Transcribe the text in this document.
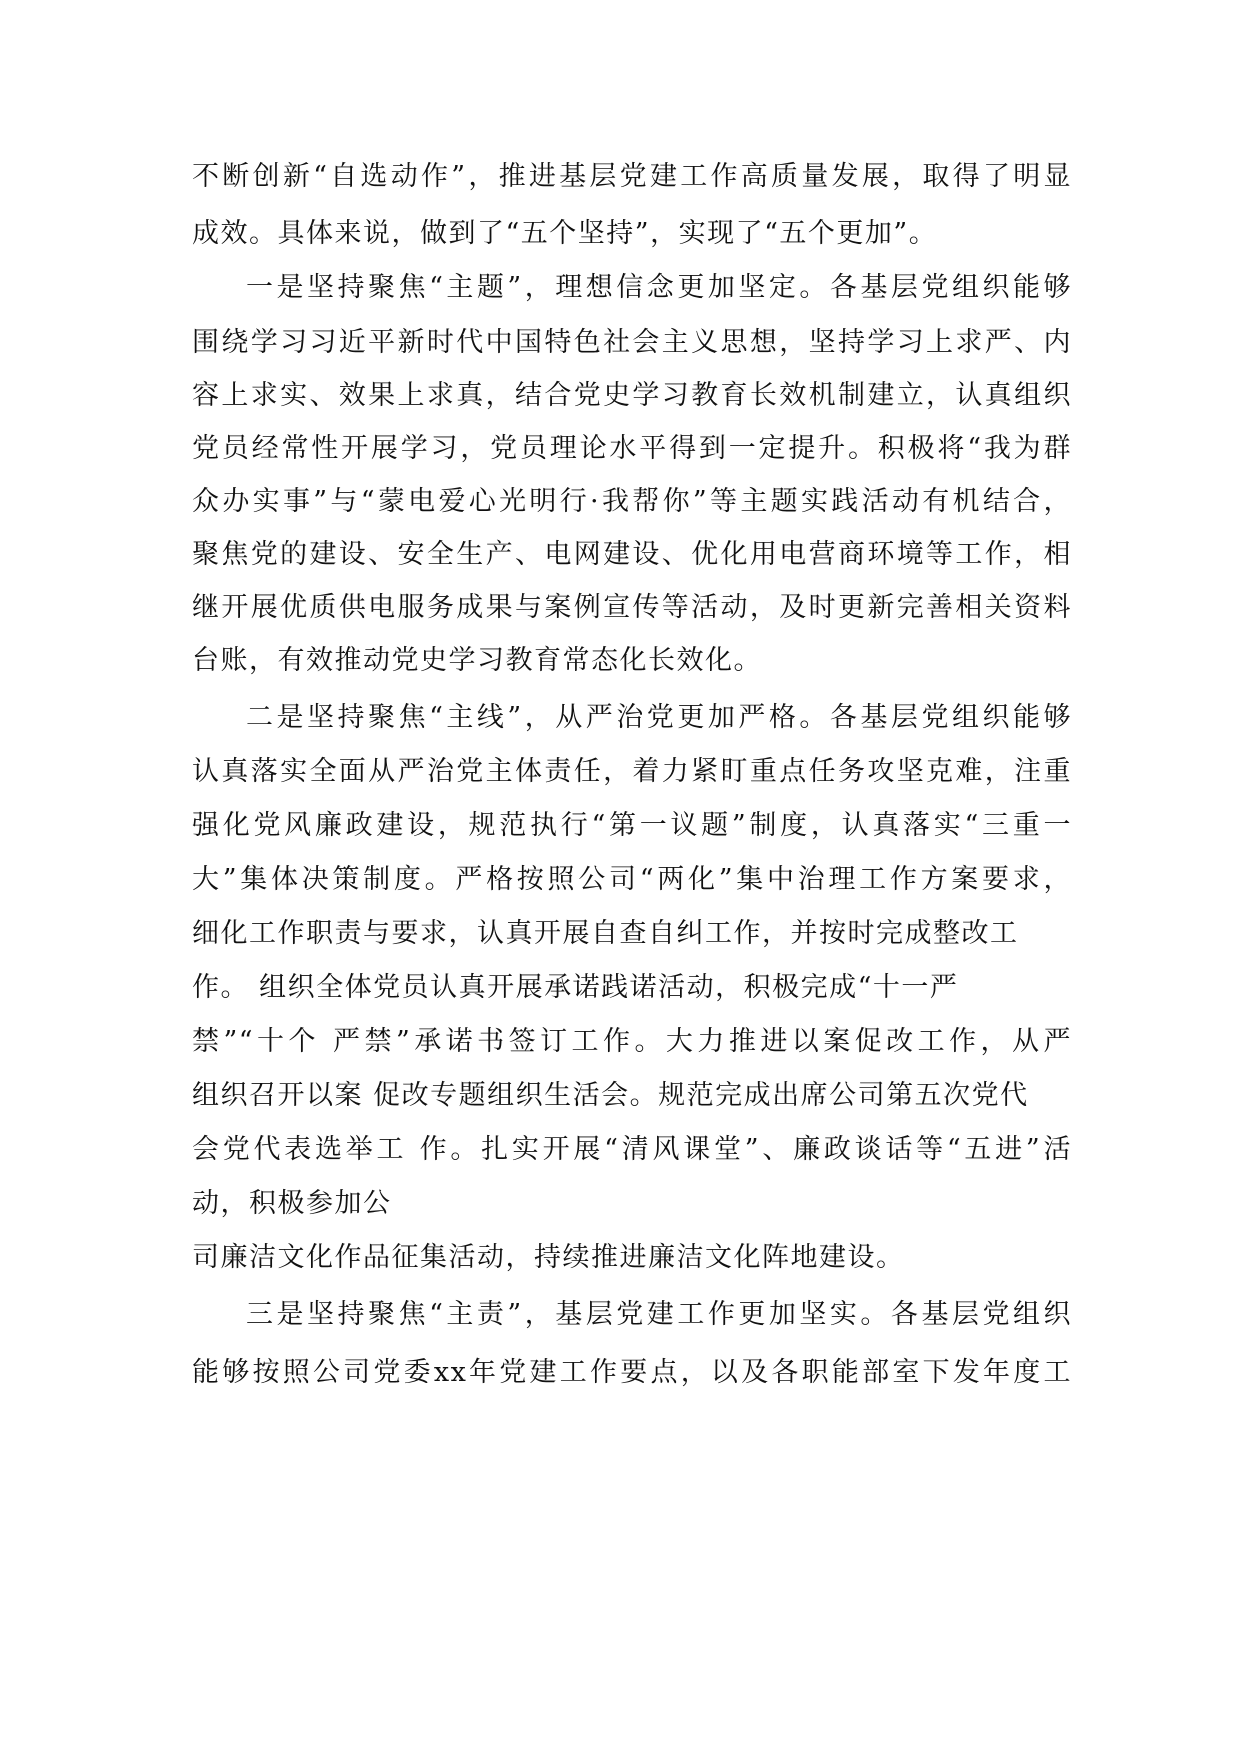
不断创新“自选动作”，推进基层党建工作高质量发展，取得了明显
成效。具体来说，做到了“五个坚持”，实现了“五个更加”。
一是坚持聚焦“主题”，理想信念更加坚定。各基层党组织能够
围绕学习习近平新时代中国特色社会主义思想，坚持学习上求严、内
容上求实、效果上求真，结合党史学习教育长效机制建立，认真组织
党员经常性开展学习，党员理论水平得到一定提升。积极将“我为群
众办实事”与“蒙电爱心光明行·我帮你”等主题实践活动有机结合，
聚焦党的建设、安全生产、电网建设、优化用电营商环境等工作，相
继开展优质供电服务成果与案例宣传等活动，及时更新完善相关资料
台账，有效推动党史学习教育常态化长效化。
二是坚持聚焦“主线”，从严治党更加严格。各基层党组织能够
认真落实全面从严治党主体责任，着力紧盯重点任务攻坚克难，注重
强化党风廉政建设，规范执行“第一议题”制度，认真落实“三重一
大”集体决策制度。严格按照公司“两化”集中治理工作方案要求，
细化工作职责与要求，认真开展自查自纠工作，并按时完成整改工
作。 组织全体党员认真开展承诺践诺活动，积极完成“十一严
禁”“十个 严禁”承诺书签订工作。大力推进以案促改工作，从严
组织召开以案 促改专题组织生活会。规范完成出席公司第五次党代
会党代表选举工 作。扎实开展“清风课堂”、廉政谈话等“五进”活
动，积极参加公
司廉洁文化作品征集活动，持续推进廉洁文化阵地建设。
三是坚持聚焦“主责”，基层党建工作更加坚实。各基层党组织
能够按照公司党委xx年党建工作要点，以及各职能部室下发年度工
